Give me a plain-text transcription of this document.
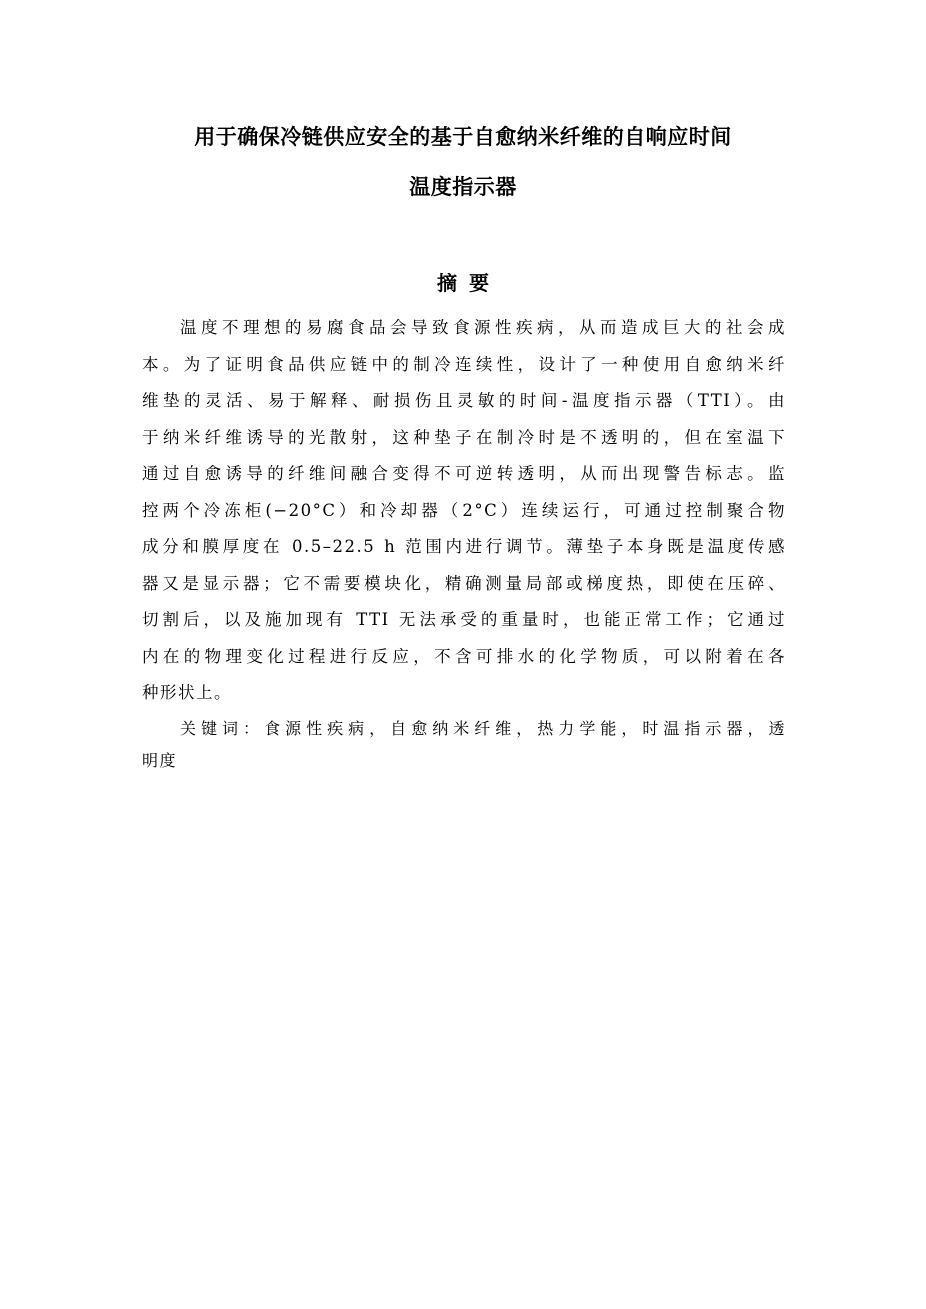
用于确保冷链供应安全的基于自愈纳米纤维的自响应时间
温度指示器
摘要
温度不理想的易腐食品会导致食源性疾病，从而造成巨大的社会成
本。为了证明食品供应链中的制冷连续性，设计了一种使用自愈纳米纤
维垫的灵活、易于解释、耐损伤且灵敏的时间-温度指示器（TTI）。由
于纳米纤维诱导的光散射，这种垫子在制冷时是不透明的，但在室温下
通过自愈诱导的纤维间融合变得不可逆转透明，从而出现警告标志。监
控两个冷冻柜(−20°C）和冷却器（2°C）连续运行，可通过控制聚合物
成分和膜厚度在 0.5–22.5 h 范围内进行调节。薄垫子本身既是温度传感
器又是显示器；它不需要模块化，精确测量局部或梯度热，即使在压碎、
切割后，以及施加现有 TTI 无法承受的重量时，也能正常工作；它通过
内在的物理变化过程进行反应，不含可排水的化学物质，可以附着在各
种形状上。
关键词：食源性疾病，自愈纳米纤维，热力学能，时温指示器，透
明度
